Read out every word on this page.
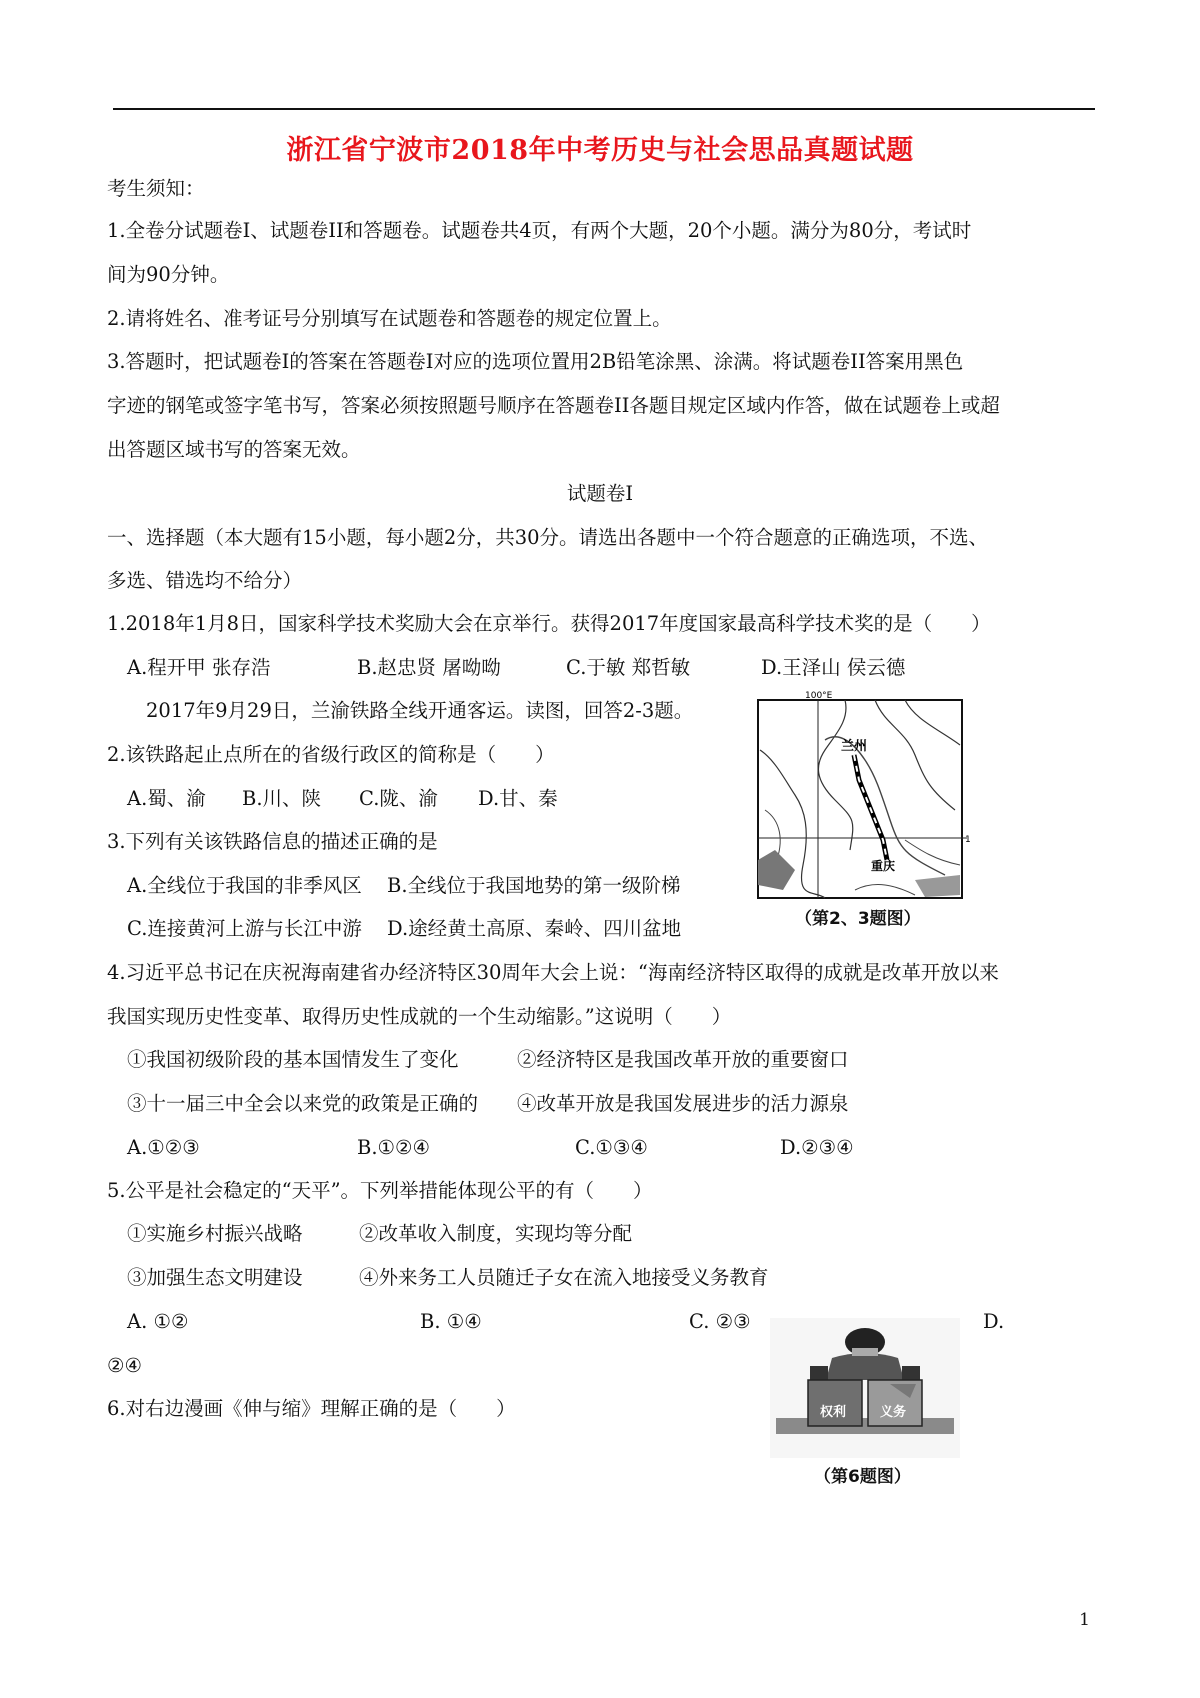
浙江省宁波市2018年中考历史与社会思品真题试题
考生须知：
1.全卷分试题卷I、试题卷II和答题卷。试题卷共4页，有两个大题，20个小题。满分为80分，考试时
间为90分钟。
2.请将姓名、准考证号分别填写在试题卷和答题卷的规定位置上。
3.答题时，把试题卷I的答案在答题卷I对应的选项位置用2B铅笔涂黑、涂满。将试题卷II答案用黑色
字迹的钢笔或签字笔书写，答案必须按照题号顺序在答题卷II各题目规定区域内作答，做在试题卷上或超
出答题区域书写的答案无效。
试题卷I
一、选择题（本大题有15小题，每小题2分，共30分。请选出各题中一个符合题意的正确选项，不选、
多选、错选均不给分）
1.2018年1月8日，国家科学技术奖励大会在京举行。获得2017年度国家最高科学技术奖的是（　　）
A.程开甲 张存浩	B.赵忠贤 屠呦呦	C.于敏 郑哲敏	D.王泽山 侯云德
2017年9月29日，兰渝铁路全线开通客运。读图，回答2-3题。
2.该铁路起止点所在的省级行政区的简称是（　　）
A.蜀、渝 B.川、陕 C.陇、渝 D.甘、秦
3.下列有关该铁路信息的描述正确的是
A.全线位于我国的非季风区 B.全线位于我国地势的第一级阶梯
C.连接黄河上游与长江中游 D.途经黄土高原、秦岭、四川盆地
100°E
兰州
重庆
1
（第2、3题图）
4.习近平总书记在庆祝海南建省办经济特区30周年大会上说：“海南经济特区取得的成就是改革开放以来
我国实现历史性变革、取得历史性成就的一个生动缩影。”这说明（　　）
①我国初级阶段的基本国情发生了变化	②经济特区是我国改革开放的重要窗口
③十一届三中全会以来党的政策是正确的 ④改革开放是我国发展进步的活力源泉
A.①②③	B.①②④	C.①③④	D.②③④
5.公平是社会稳定的“天平”。下列举措能体现公平的有（　　）
①实施乡村振兴战略	②改革收入制度，实现均等分配
③加强生态文明建设	④外来务工人员随迁子女在流入地接受义务教育
A. ①②	B. ①④	C. ②③	D.
②④
6.对右边漫画《伸与缩》理解正确的是（　　）	权利	义务
（第6题图）
1
